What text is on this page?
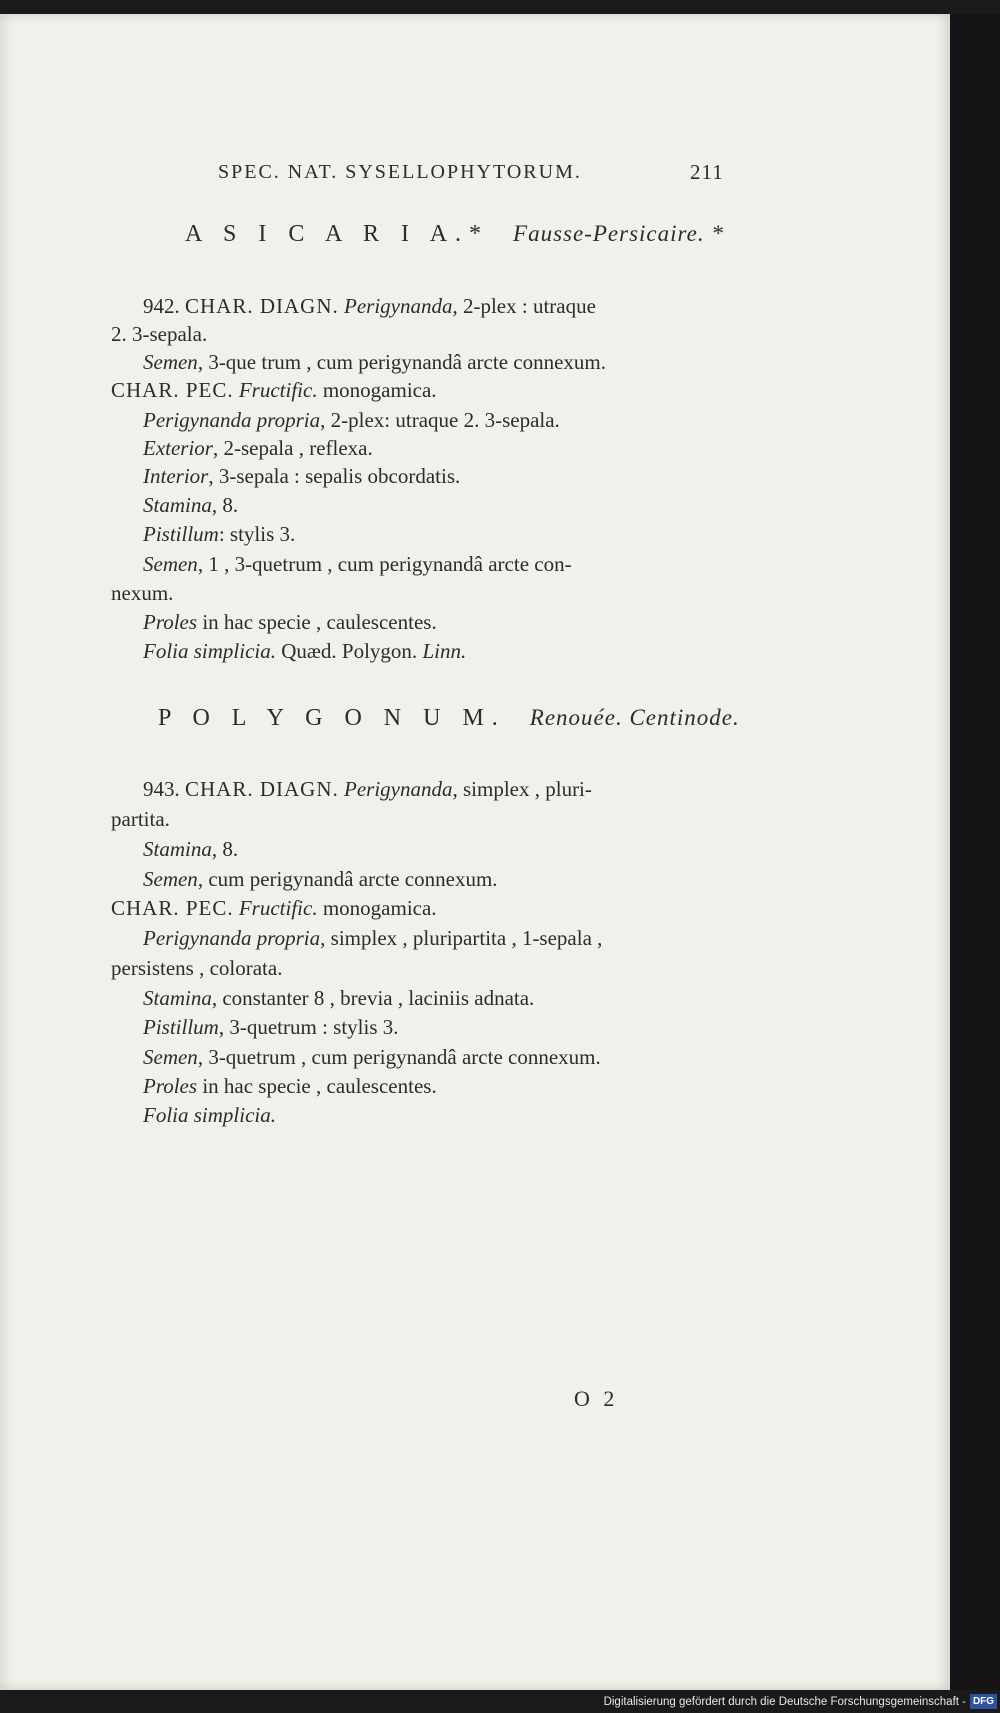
SPEC. NAT. SYSELLOPHYTORUM.	211
A S I C A R I A.* Fausse-Persicaire. *
942. CHAR. DIAGN. Perigynanda, 2-plex : utraque
2. 3-sepala.
Semen, 3-que trum , cum perigynandâ arcte connexum.
CHAR. PEC. Fructific. monogamica.
Perigynanda propria, 2-plex: utraque 2. 3-sepala.
Exterior, 2-sepala , reflexa.
Interior, 3-sepala : sepalis obcordatis.
Stamina, 8.
Pistillum: stylis 3.
Semen, 1 , 3-quetrum , cum perigynandâ arcte con-
nexum.
Proles in hac specie , caulescentes.
Folia simplicia. Quæd. Polygon. Linn.
P O L Y G O N U M. Renouée. Centinode.
943. CHAR. DIAGN. Perigynanda, simplex , pluri-
partita.
Stamina, 8.
Semen, cum perigynandâ arcte connexum.
CHAR. PEC. Fructific. monogamica.
Perigynanda propria, simplex , pluripartita , 1-sepala ,
persistens , colorata.
Stamina, constanter 8 , brevia , laciniis adnata.
Pistillum, 3-quetrum : stylis 3.
Semen, 3-quetrum , cum perigynandâ arcte connexum.
Proles in hac specie , caulescentes.
Folia simplicia.
O 2
Digitalisierung gefördert durch die Deutsche Forschungsgemeinschaft - DFG
